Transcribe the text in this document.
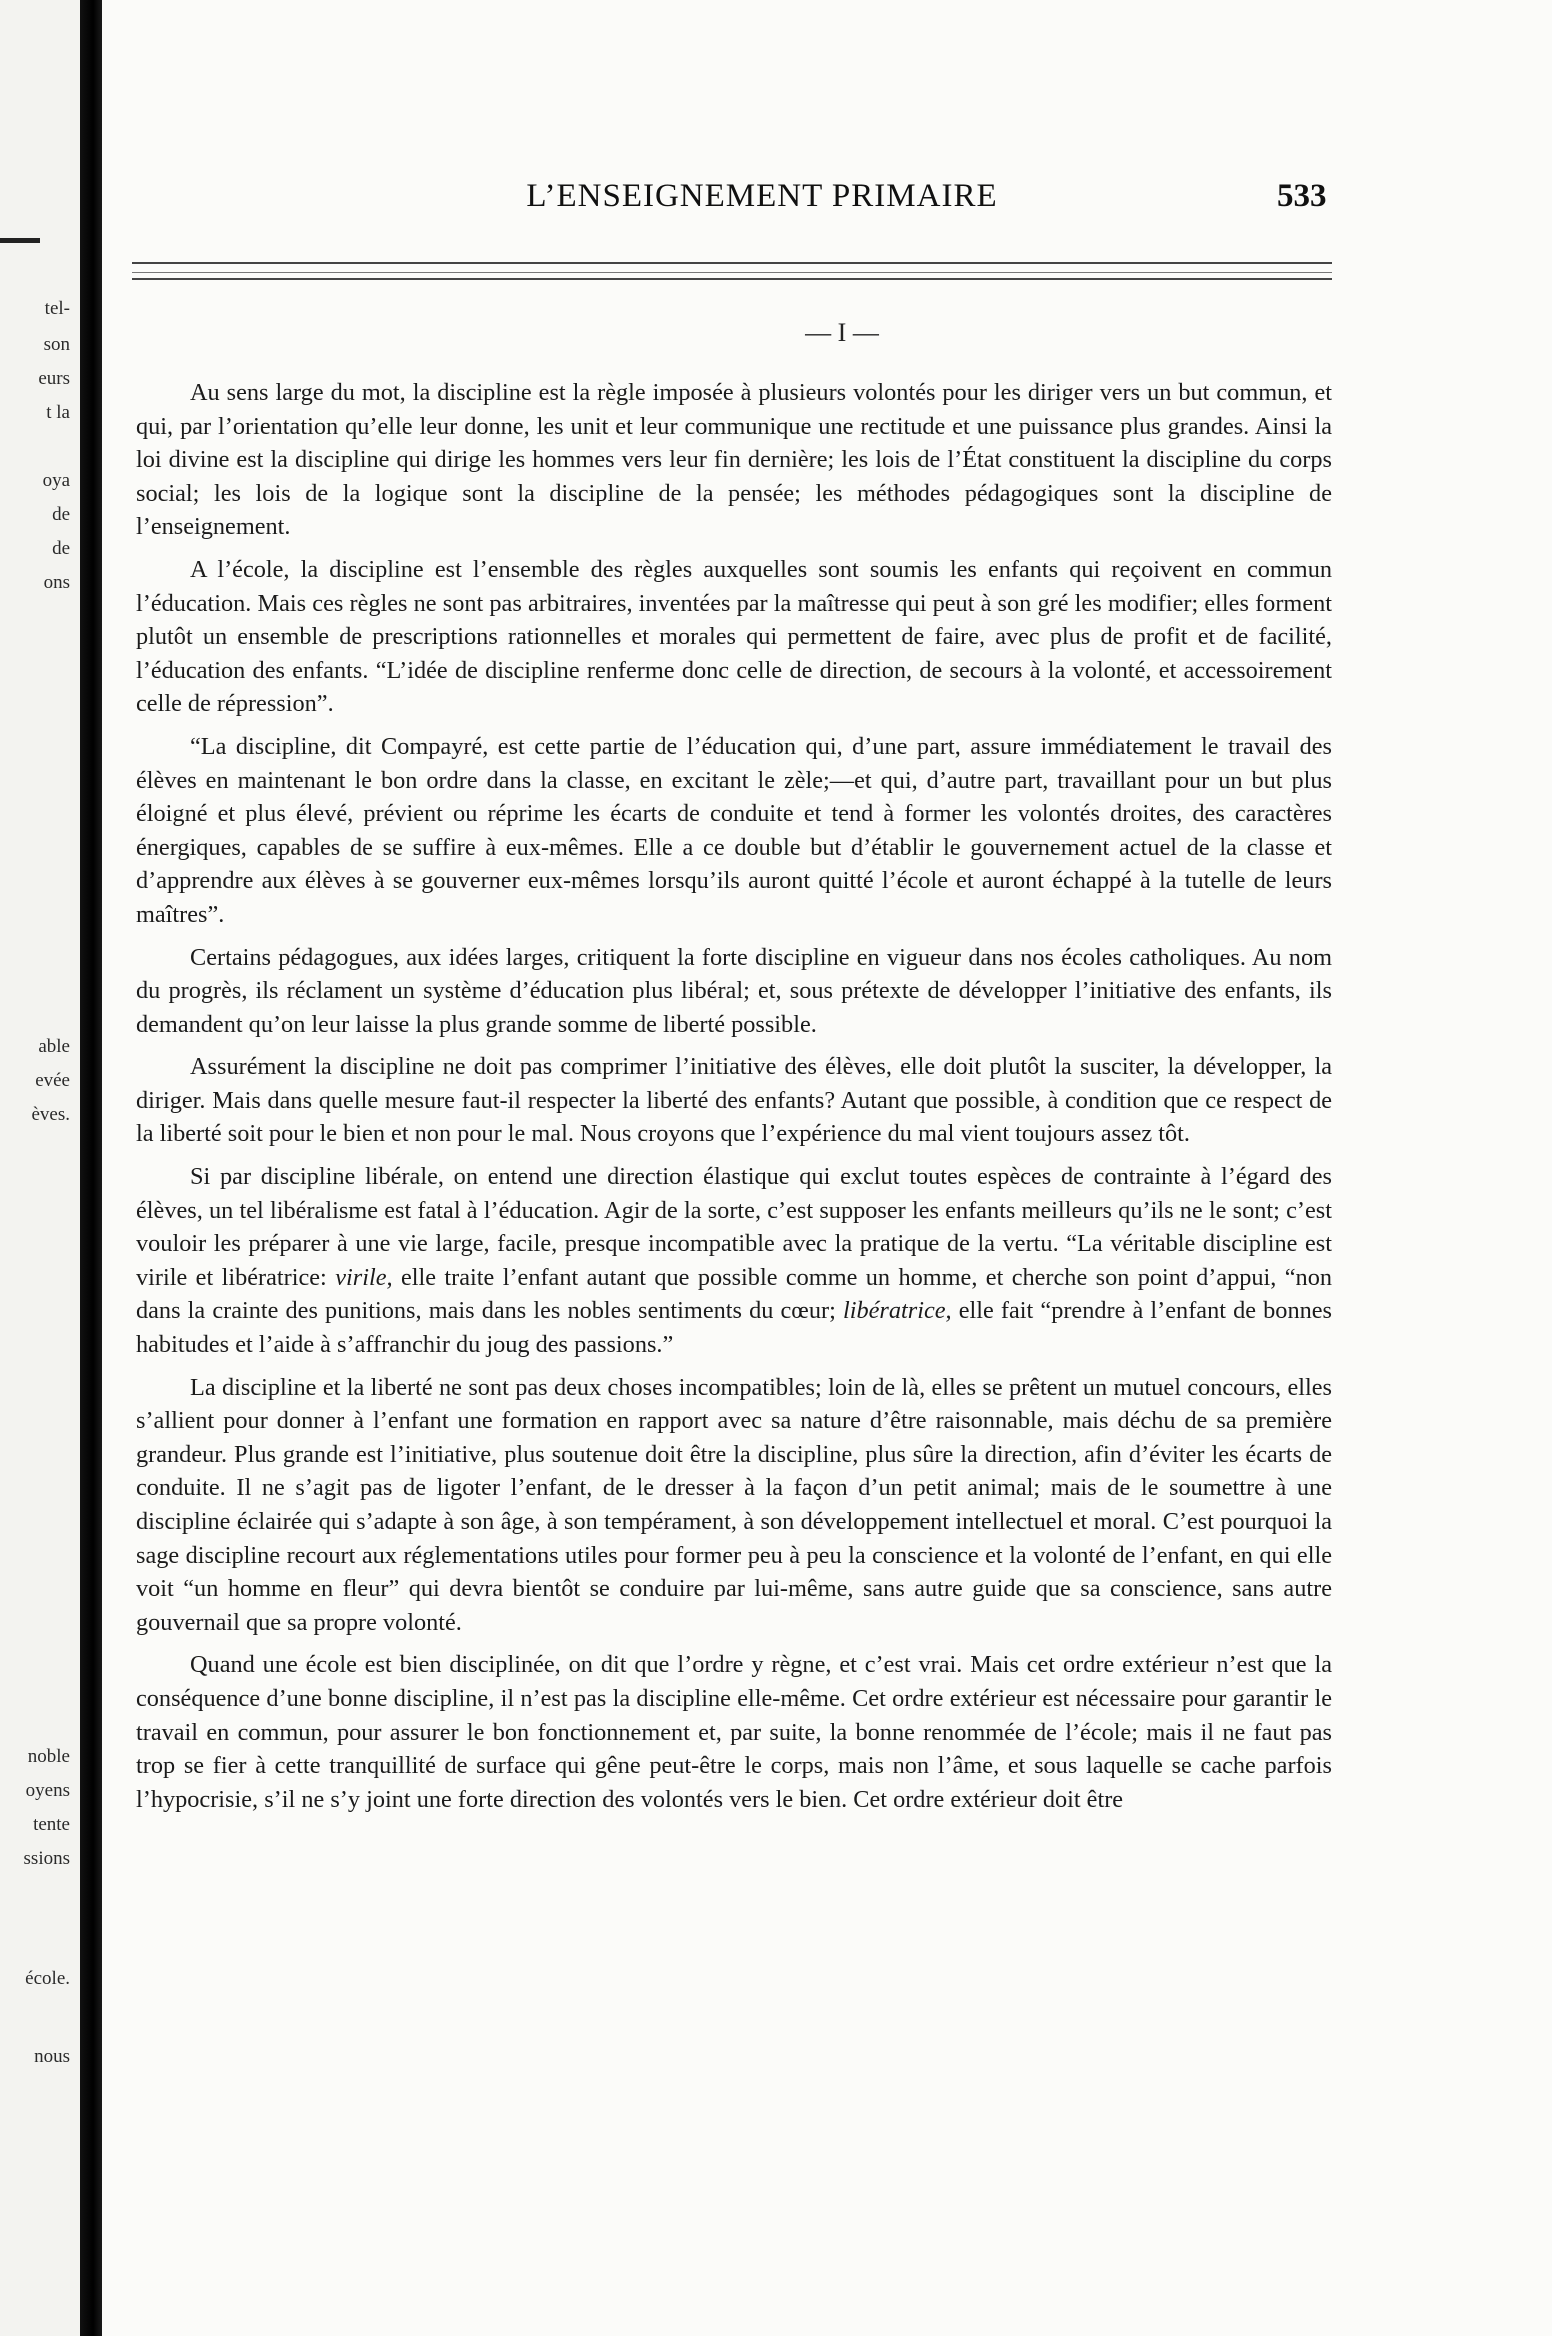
tel-
son
eurs
t la
oya
de
de
ons
able
evée
èves.
noble
oyens
tente
ssions
école.
nous
L’ENSEIGNEMENT PRIMAIRE	533
— I —

Au sens large du mot, la discipline est la règle imposée à plusieurs volontés pour les diriger vers un but commun, et qui, par l’orientation qu’elle leur donne, les unit et leur communique une rectitude et une puissance plus grandes. Ainsi la loi divine est la discipline qui dirige les hommes vers leur fin dernière; les lois de l’État constituent la discipline du corps social; les lois de la logique sont la discipline de la pensée; les méthodes pédagogiques sont la discipline de l’enseignement.

A l’école, la discipline est l’ensemble des règles auxquelles sont soumis les enfants qui reçoivent en commun l’éducation. Mais ces règles ne sont pas arbitraires, inventées par la maîtresse qui peut à son gré les modifier; elles forment plutôt un ensemble de prescriptions rationnelles et morales qui permettent de faire, avec plus de profit et de facilité, l’éducation des enfants. “L’idée de discipline renferme donc celle de direction, de secours à la volonté, et accessoirement celle de répression”.

“La discipline, dit Compayré, est cette partie de l’éducation qui, d’une part, assure immédiatement le travail des élèves en maintenant le bon ordre dans la classe, en excitant le zèle;—et qui, d’autre part, travaillant pour un but plus éloigné et plus élevé, prévient ou réprime les écarts de conduite et tend à former les volontés droites, des caractères énergiques, capables de se suffire à eux-mêmes. Elle a ce double but d’établir le gouvernement actuel de la classe et d’apprendre aux élèves à se gouverner eux-mêmes lorsqu’ils auront quitté l’école et auront échappé à la tutelle de leurs maîtres”.

Certains pédagogues, aux idées larges, critiquent la forte discipline en vigueur dans nos écoles catholiques. Au nom du progrès, ils réclament un système d’éducation plus libéral; et, sous prétexte de développer l’initiative des enfants, ils demandent qu’on leur laisse la plus grande somme de liberté possible.

Assurément la discipline ne doit pas comprimer l’initiative des élèves, elle doit plutôt la susciter, la développer, la diriger. Mais dans quelle mesure faut-il respecter la liberté des enfants? Autant que possible, à condition que ce respect de la liberté soit pour le bien et non pour le mal. Nous croyons que l’expérience du mal vient toujours assez tôt.

Si par discipline libérale, on entend une direction élastique qui exclut toutes espèces de contrainte à l’égard des élèves, un tel libéralisme est fatal à l’éducation. Agir de la sorte, c’est supposer les enfants meilleurs qu’ils ne le sont; c’est vouloir les préparer à une vie large, facile, presque incompatible avec la pratique de la vertu. “La véritable discipline est virile et libératrice: virile, elle traite l’enfant autant que possible comme un homme, et cherche son point d’appui, “non dans la crainte des punitions, mais dans les nobles sentiments du cœur; libératrice, elle fait “prendre à l’enfant de bonnes habitudes et l’aide à s’affranchir du joug des passions.”

La discipline et la liberté ne sont pas deux choses incompatibles; loin de là, elles se prêtent un mutuel concours, elles s’allient pour donner à l’enfant une formation en rapport avec sa nature d’être raisonnable, mais déchu de sa première grandeur. Plus grande est l’initiative, plus soutenue doit être la discipline, plus sûre la direction, afin d’éviter les écarts de conduite. Il ne s’agit pas de ligoter l’enfant, de le dresser à la façon d’un petit animal; mais de le soumettre à une discipline éclairée qui s’adapte à son âge, à son tempérament, à son développement intellectuel et moral. C’est pourquoi la sage discipline recourt aux réglementations utiles pour former peu à peu la conscience et la volonté de l’enfant, en qui elle voit “un homme en fleur” qui devra bientôt se conduire par lui-même, sans autre guide que sa conscience, sans autre gouvernail que sa propre volonté.

Quand une école est bien disciplinée, on dit que l’ordre y règne, et c’est vrai. Mais cet ordre extérieur n’est que la conséquence d’une bonne discipline, il n’est pas la discipline elle-même. Cet ordre extérieur est nécessaire pour garantir le travail en commun, pour assurer le bon fonctionnement et, par suite, la bonne renommée de l’école; mais il ne faut pas trop se fier à cette tranquillité de surface qui gêne peut-être le corps, mais non l’âme, et sous laquelle se cache parfois l’hypocrisie, s’il ne s’y joint une forte direction des volontés vers le bien. Cet ordre extérieur doit être
